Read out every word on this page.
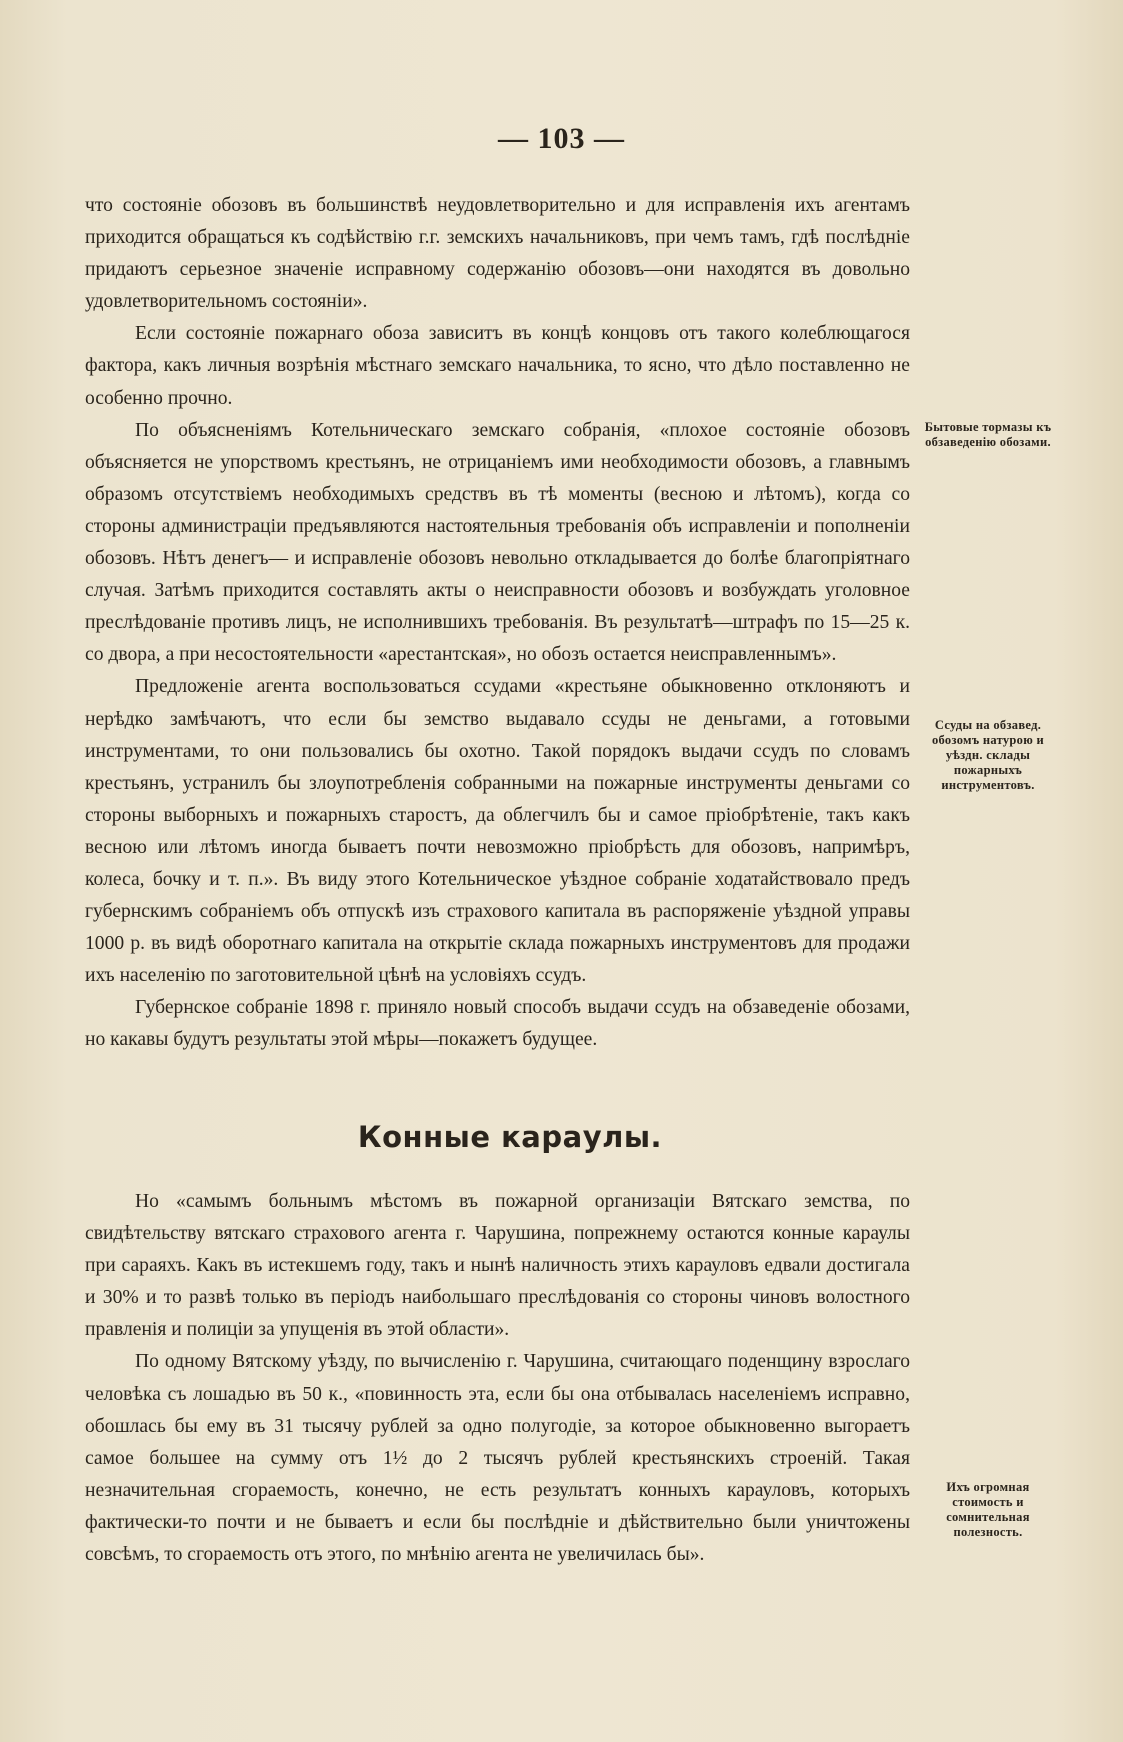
— 103 —

что состояніе обозовъ въ большинствѣ неудовлетворительно и для исправленія ихъ агентамъ приходится обращаться къ содѣйствію г.г. земскихъ начальниковъ, при чемъ тамъ, гдѣ послѣдніе придаютъ серьезное значеніе исправному содержанію обозовъ—они находятся въ довольно удовлетворительномъ состояніи».

Если состояніе пожарнаго обоза зависитъ въ концѣ концовъ отъ такого колеблющагося фактора, какъ личныя возрѣнія мѣстнаго земскаго начальника, то ясно, что дѣло поставленно не особенно прочно.

По объясненіямъ Котельническаго земскаго собранія, «плохое состояніе обозовъ объясняется не упорствомъ крестьянъ, не отрицаніемъ ими необходимости обозовъ, а главнымъ образомъ отсутствіемъ необходимыхъ средствъ въ тѣ моменты (весною и лѣтомъ), когда со стороны администраціи предъявляются настоятельныя требованія объ исправленіи и пополненіи обозовъ. Нѣтъ денегъ— и исправленіе обозовъ невольно откладывается до болѣе благопріятнаго случая. Затѣмъ приходится составлять акты о неисправности обозовъ и возбуждать уголовное преслѣдованіе противъ лицъ, не исполнившихъ требованія. Въ результатѣ—штрафъ по 15—25 к. со двора, а при несостоятельности «арестантская», но обозъ остается неисправленнымъ».

Предложеніе агента воспользоваться ссудами «крестьяне обыкновенно отклоняютъ и нерѣдко замѣчаютъ, что если бы земство выдавало ссуды не деньгами, а готовыми инструментами, то они пользовались бы охотно. Такой порядокъ выдачи ссудъ по словамъ крестьянъ, устранилъ бы злоупотребленія собранными на пожарные инструменты деньгами со стороны выборныхъ и пожарныхъ старостъ, да облегчилъ бы и самое пріобрѣтеніе, такъ какъ весною или лѣтомъ иногда бываетъ почти невозможно пріобрѣсть для обозовъ, напримѣръ, колеса, бочку и т. п.». Въ виду этого Котельническое уѣздное собраніе ходатайствовало предъ губернскимъ собраніемъ объ отпускѣ изъ страхового капитала въ распоряженіе уѣздной управы 1000 р. въ видѣ оборотнаго капитала на открытіе склада пожарныхъ инструментовъ для продажи ихъ населенію по заготовительной цѣнѣ на условіяхъ ссудъ.

Губернское собраніе 1898 г. приняло новый способъ выдачи ссудъ на обзаведеніе обозами, но какавы будутъ результаты этой мѣры—покажетъ будущее.

Конные караулы.

Но «самымъ больнымъ мѣстомъ въ пожарной организаціи Вятскаго земства, по свидѣтельству вятскаго страхового агента г. Чарушина, попрежнему остаются конные караулы при сараяхъ. Какъ въ истекшемъ году, такъ и нынѣ наличность этихъ карауловъ едвали достигала и 30% и то развѣ только въ періодъ наибольшаго преслѣдованія со стороны чиновъ волостного правленія и полиціи за упущенія въ этой области».

По одному Вятскому уѣзду, по вычисленію г. Чарушина, считающаго поденщину взрослаго человѣка съ лошадью въ 50 к., «повинность эта, если бы она отбывалась населеніемъ исправно, обошлась бы ему въ 31 тысячу рублей за одно полугодіе, за которое обыкновенно выгораетъ самое большее на сумму отъ 1½ до 2 тысячъ рублей крестьянскихъ строеній. Такая незначительная сгораемость, конечно, не есть результатъ конныхъ карауловъ, которыхъ фактически-то почти и не бываетъ и если бы послѣдніе и дѣйствительно были уничтожены совсѣмъ, то сгораемость отъ этого, по мнѣнію агента не увеличилась бы».

Бытовые тормазы къ обзаведенію обозами.
Ссуды на обзавед. обозомъ натурою и уѣздн. склады пожарныхъ инструментовъ.
Ихъ огромная стоимость и сомнительная полезность.
